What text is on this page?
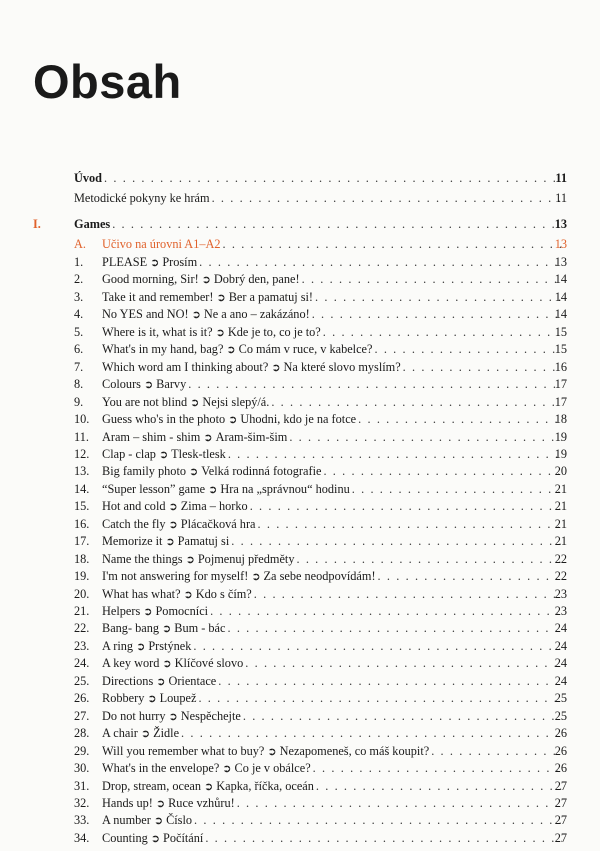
Obsah
Úvod . . .	11
Metodické pokyny ke hrám . . .	11
I.	Games . . .	13
A.	Učivo na úrovni A1–A2 . . .	13
1.	PLEASE ➲ Prosím . . .	13
2.	Good morning, Sir! ➲ Dobrý den, pane! . . .	14
3.	Take it and remember! ➲ Ber a pamatuj si! . . .	14
4.	No YES and NO! ➲ Ne a ano – zakázáno! . . .	14
5.	Where is it, what is it? ➲ Kde je to, co je to? . . .	15
6.	What's in my hand, bag? ➲ Co mám v ruce, v kabelce? . . .	15
7.	Which word am I thinking about? ➲ Na které slovo myslím? . . .	16
8.	Colours ➲ Barvy . . .	17
9.	You are not blind ➲ Nejsi slepý/á. . . .	17
10.	Guess who's in the photo ➲ Uhodni, kdo je na fotce . . .	18
11.	Aram – shim - shim ➲ Aram-šim-šim . . .	19
12.	Clap - clap ➲ Tlesk-tlesk . . .	19
13.	Big family photo ➲ Velká rodinná fotografie . . .	20
14.	“Super lesson” game ➲ Hra na „správnou“ hodinu . . .	21
15.	Hot and cold ➲ Zima – horko . . .	21
16.	Catch the fly ➲ Plácačková hra . . .	21
17.	Memorize it ➲ Pamatuj si . . .	21
18.	Name the things ➲ Pojmenuj předměty . . .	22
19.	I'm not answering for myself! ➲ Za sebe neodpovídám! . . .	22
20.	What has what? ➲ Kdo s čím? . . .	23
21.	Helpers ➲ Pomocníci . . .	23
22.	Bang- bang ➲ Bum - bác . . .	24
23.	A ring ➲ Prstýnek . . .	24
24.	A key word ➲ Klíčové slovo . . .	24
25.	Directions ➲ Orientace . . .	24
26.	Robbery ➲ Loupež . . .	25
27.	Do not hurry ➲ Nespěchejte . . .	25
28.	A chair ➲ Židle . . .	26
29.	Will you remember what to buy? ➲ Nezapomeneš, co máš koupit? . . .	26
30.	What's in the envelope? ➲ Co je v obálce? . . .	26
31.	Drop, stream, ocean ➲ Kapka, říčka, oceán . . .	27
32.	Hands up! ➲ Ruce vzhůru! . . .	27
33.	A number ➲ Číslo . . .	27
34.	Counting ➲ Počítání . . .	27
